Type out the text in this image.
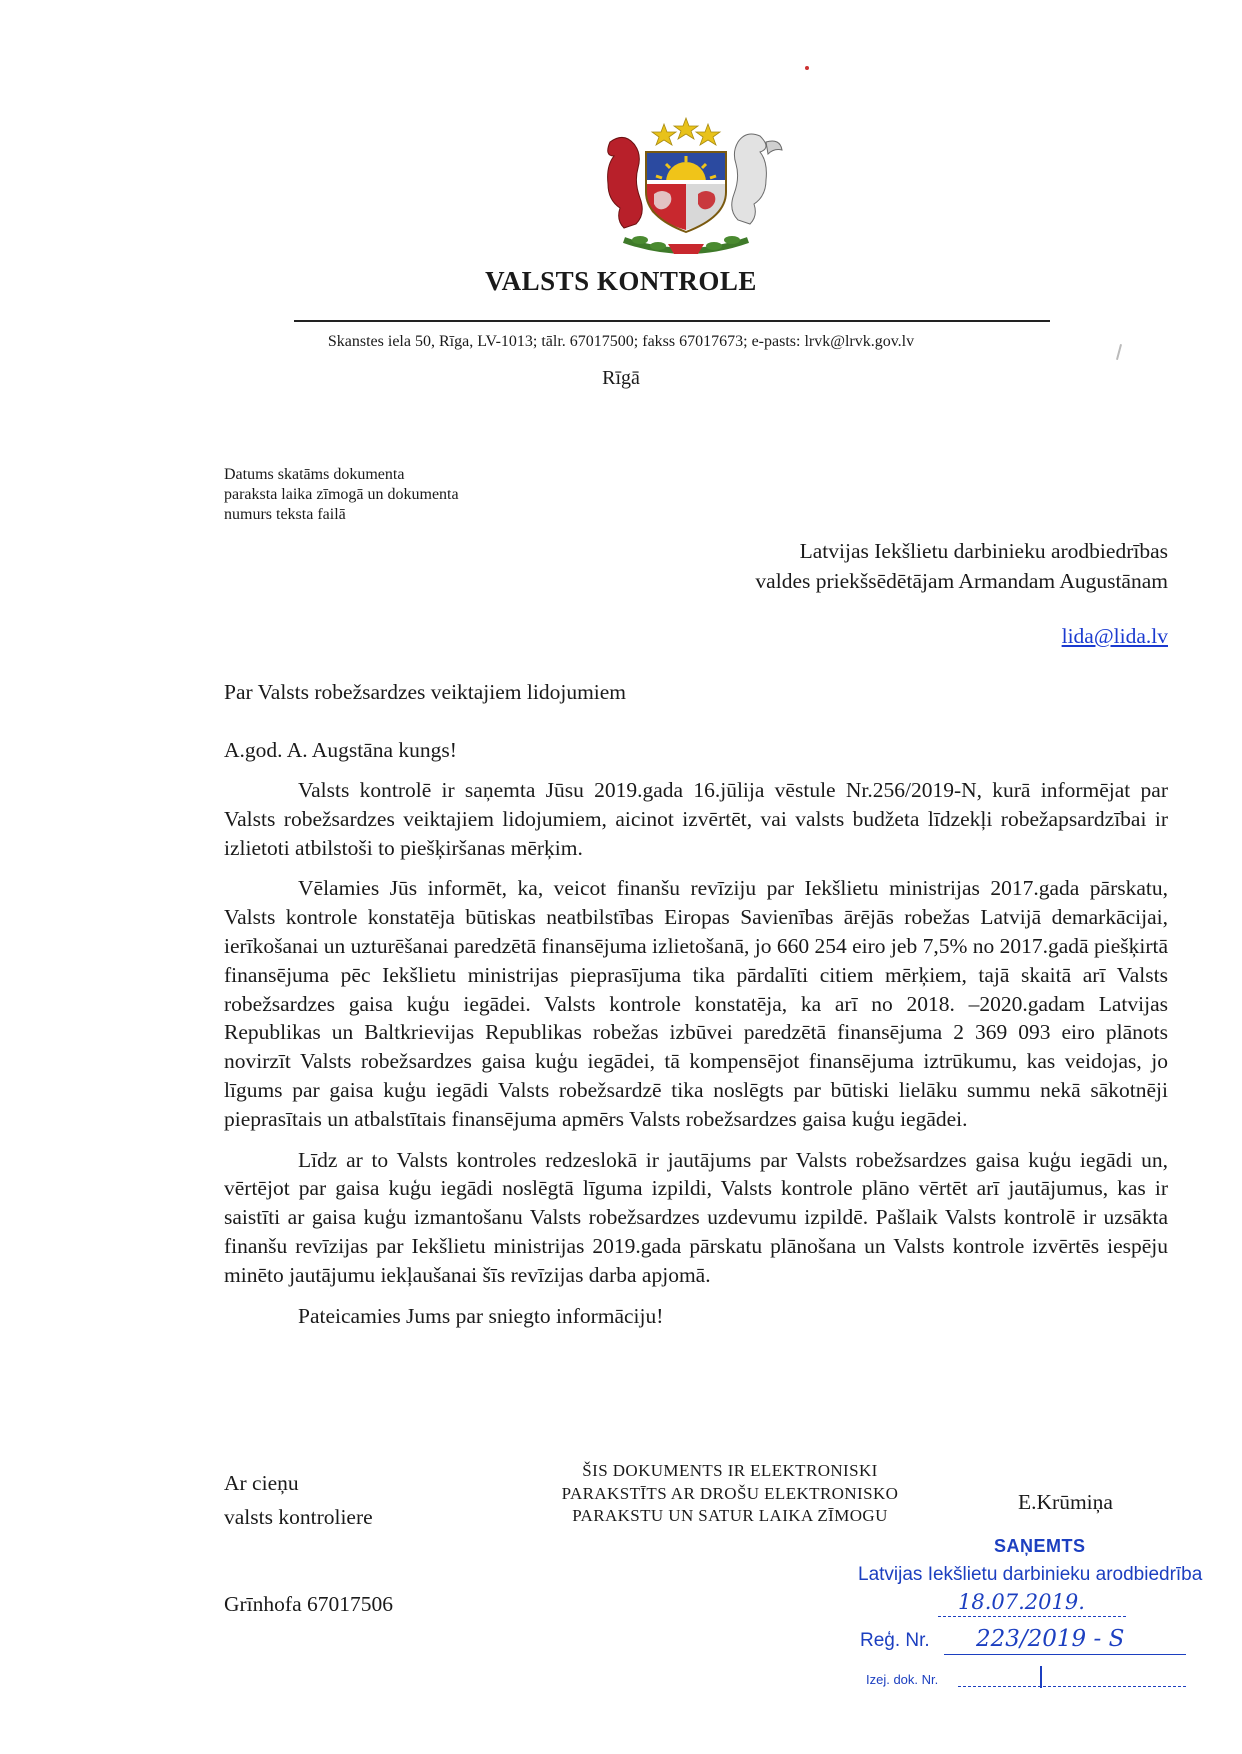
VALSTS KONTROLE
Skanstes iela 50, Rīga, LV-1013; tālr. 67017500; fakss 67017673; e-pasts: lrvk@lrvk.gov.lv
Rīgā
Datums skatāms dokumenta
paraksta laika zīmogā un dokumenta
numurs teksta failā
Latvijas Iekšlietu darbinieku arodbiedrības
valdes priekšsēdētājam Armandam Augustānam
lida@lida.lv
Par Valsts robežsardzes veiktajiem lidojumiem
A.god. A. Augstāna kungs!

Valsts kontrolē ir saņemta Jūsu 2019.gada 16.jūlija vēstule Nr.256/2019-N, kurā informējat par Valsts robežsardzes veiktajiem lidojumiem, aicinot izvērtēt, vai valsts budžeta līdzekļi robežapsardzībai ir izlietoti atbilstoši to piešķiršanas mērķim.

Vēlamies Jūs informēt, ka, veicot finanšu revīziju par Iekšlietu ministrijas 2017.gada pārskatu, Valsts kontrole konstatēja būtiskas neatbilstības Eiropas Savienības ārējās robežas Latvijā demarkācijai, ierīkošanai un uzturēšanai paredzētā finansējuma izlietošanā, jo 660 254 eiro jeb 7,5% no 2017.gadā piešķirtā finansējuma pēc Iekšlietu ministrijas pieprasījuma tika pārdalīti citiem mērķiem, tajā skaitā arī Valsts robežsardzes gaisa kuģu iegādei. Valsts kontrole konstatēja, ka arī no 2018. –2020.gadam Latvijas Republikas un Baltkrievijas Republikas robežas izbūvei paredzētā finansējuma 2 369 093 eiro plānots novirzīt Valsts robežsardzes gaisa kuģu iegādei, tā kompensējot finansējuma iztrūkumu, kas veidojas, jo līgums par gaisa kuģu iegādi Valsts robežsardzē tika noslēgts par būtiski lielāku summu nekā sākotnēji pieprasītais un atbalstītais finansējuma apmērs Valsts robežsardzes gaisa kuģu iegādei.

Līdz ar to Valsts kontroles redzeslokā ir jautājums par Valsts robežsardzes gaisa kuģu iegādi un, vērtējot par gaisa kuģu iegādi noslēgtā līguma izpildi, Valsts kontrole plāno vērtēt arī jautājumus, kas ir saistīti ar gaisa kuģu izmantošanu Valsts robežsardzes uzdevumu izpildē. Pašlaik Valsts kontrolē ir uzsākta finanšu revīzijas par Iekšlietu ministrijas 2019.gada pārskatu plānošana un Valsts kontrole izvērtēs iespēju minēto jautājumu iekļaušanai šīs revīzijas darba apjomā.

Pateicamies Jums par sniegto informāciju!

Ar cieņu
valsts kontroliere
ŠIS DOKUMENTS IR ELEKTRONISKI
PARAKSTĪTS AR DROŠU ELEKTRONISKO
PARAKSTU UN SATUR LAIKA ZĪMOGU
E.Krūmiņa
Grīnhofa 67017506
SAŅEMTS
Latvijas Iekšlietu darbinieku arodbiedrība
18.07.2019.
Reģ. Nr. 223/2019 - S
Izej. dok. Nr.
